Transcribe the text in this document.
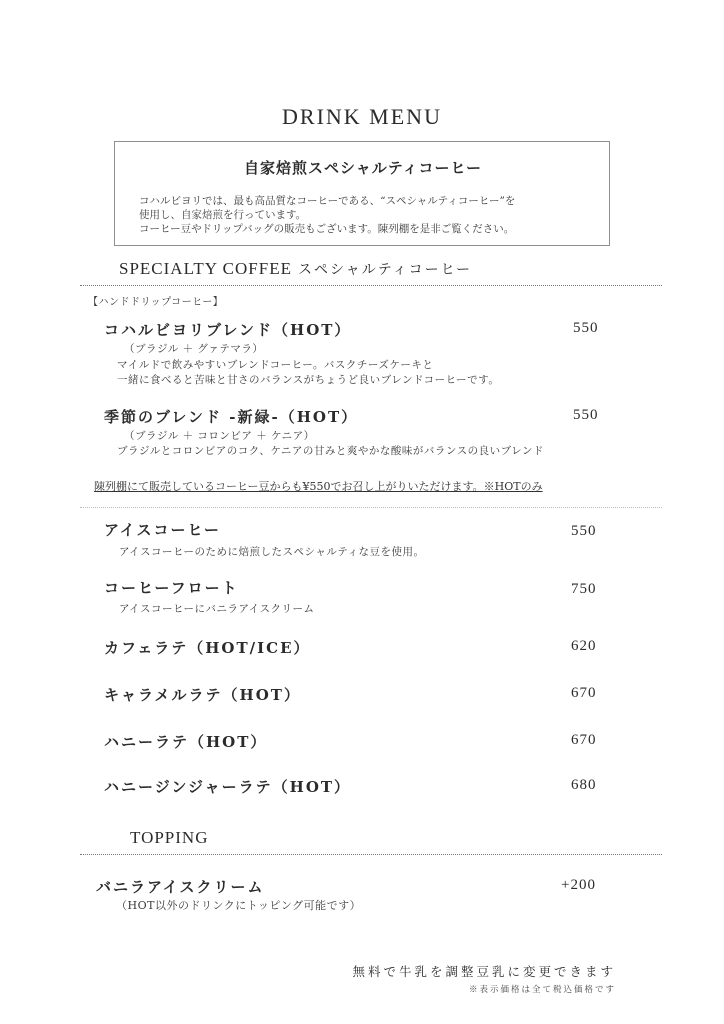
DRINK MENU
自家焙煎スペシャルティコーヒー
コハルビヨリでは、最も高品質なコーヒーである、“スペシャルティコーヒー”を
使用し、自家焙煎を行っています。
コーヒー豆やドリップバッグの販売もございます。陳列棚を是非ご覧ください。
SPECIALTY COFFEE スペシャルティコーヒー
【ハンドドリップコーヒー】
コハルビヨリブレンド（HOT）	550
（ブラジル ＋ グァテマラ）
マイルドで飲みやすいブレンドコーヒー。バスクチーズケーキと
一緒に食べると苦味と甘さのバランスがちょうど良いブレンドコーヒーです。
季節のブレンド -新緑-（HOT）	550
（ブラジル ＋ コロンビア ＋ ケニア）
ブラジルとコロンビアのコク、ケニアの甘みと爽やかな酸味がバランスの良いブレンド
陳列棚にて販売しているコーヒー豆からも¥550でお召し上がりいただけます。※HOTのみ
アイスコーヒー	550
アイスコーヒーのために焙煎したスペシャルティな豆を使用。
コーヒーフロート	750
アイスコーヒーにバニラアイスクリーム
カフェラテ（HOT/ICE）	620
キャラメルラテ（HOT）	670
ハニーラテ（HOT）	670
ハニージンジャーラテ（HOT）	680
TOPPING
バニラアイスクリーム	+200
（HOT以外のドリンクにトッピング可能です）
無料で牛乳を調整豆乳に変更できます
※表示価格は全て税込価格です
